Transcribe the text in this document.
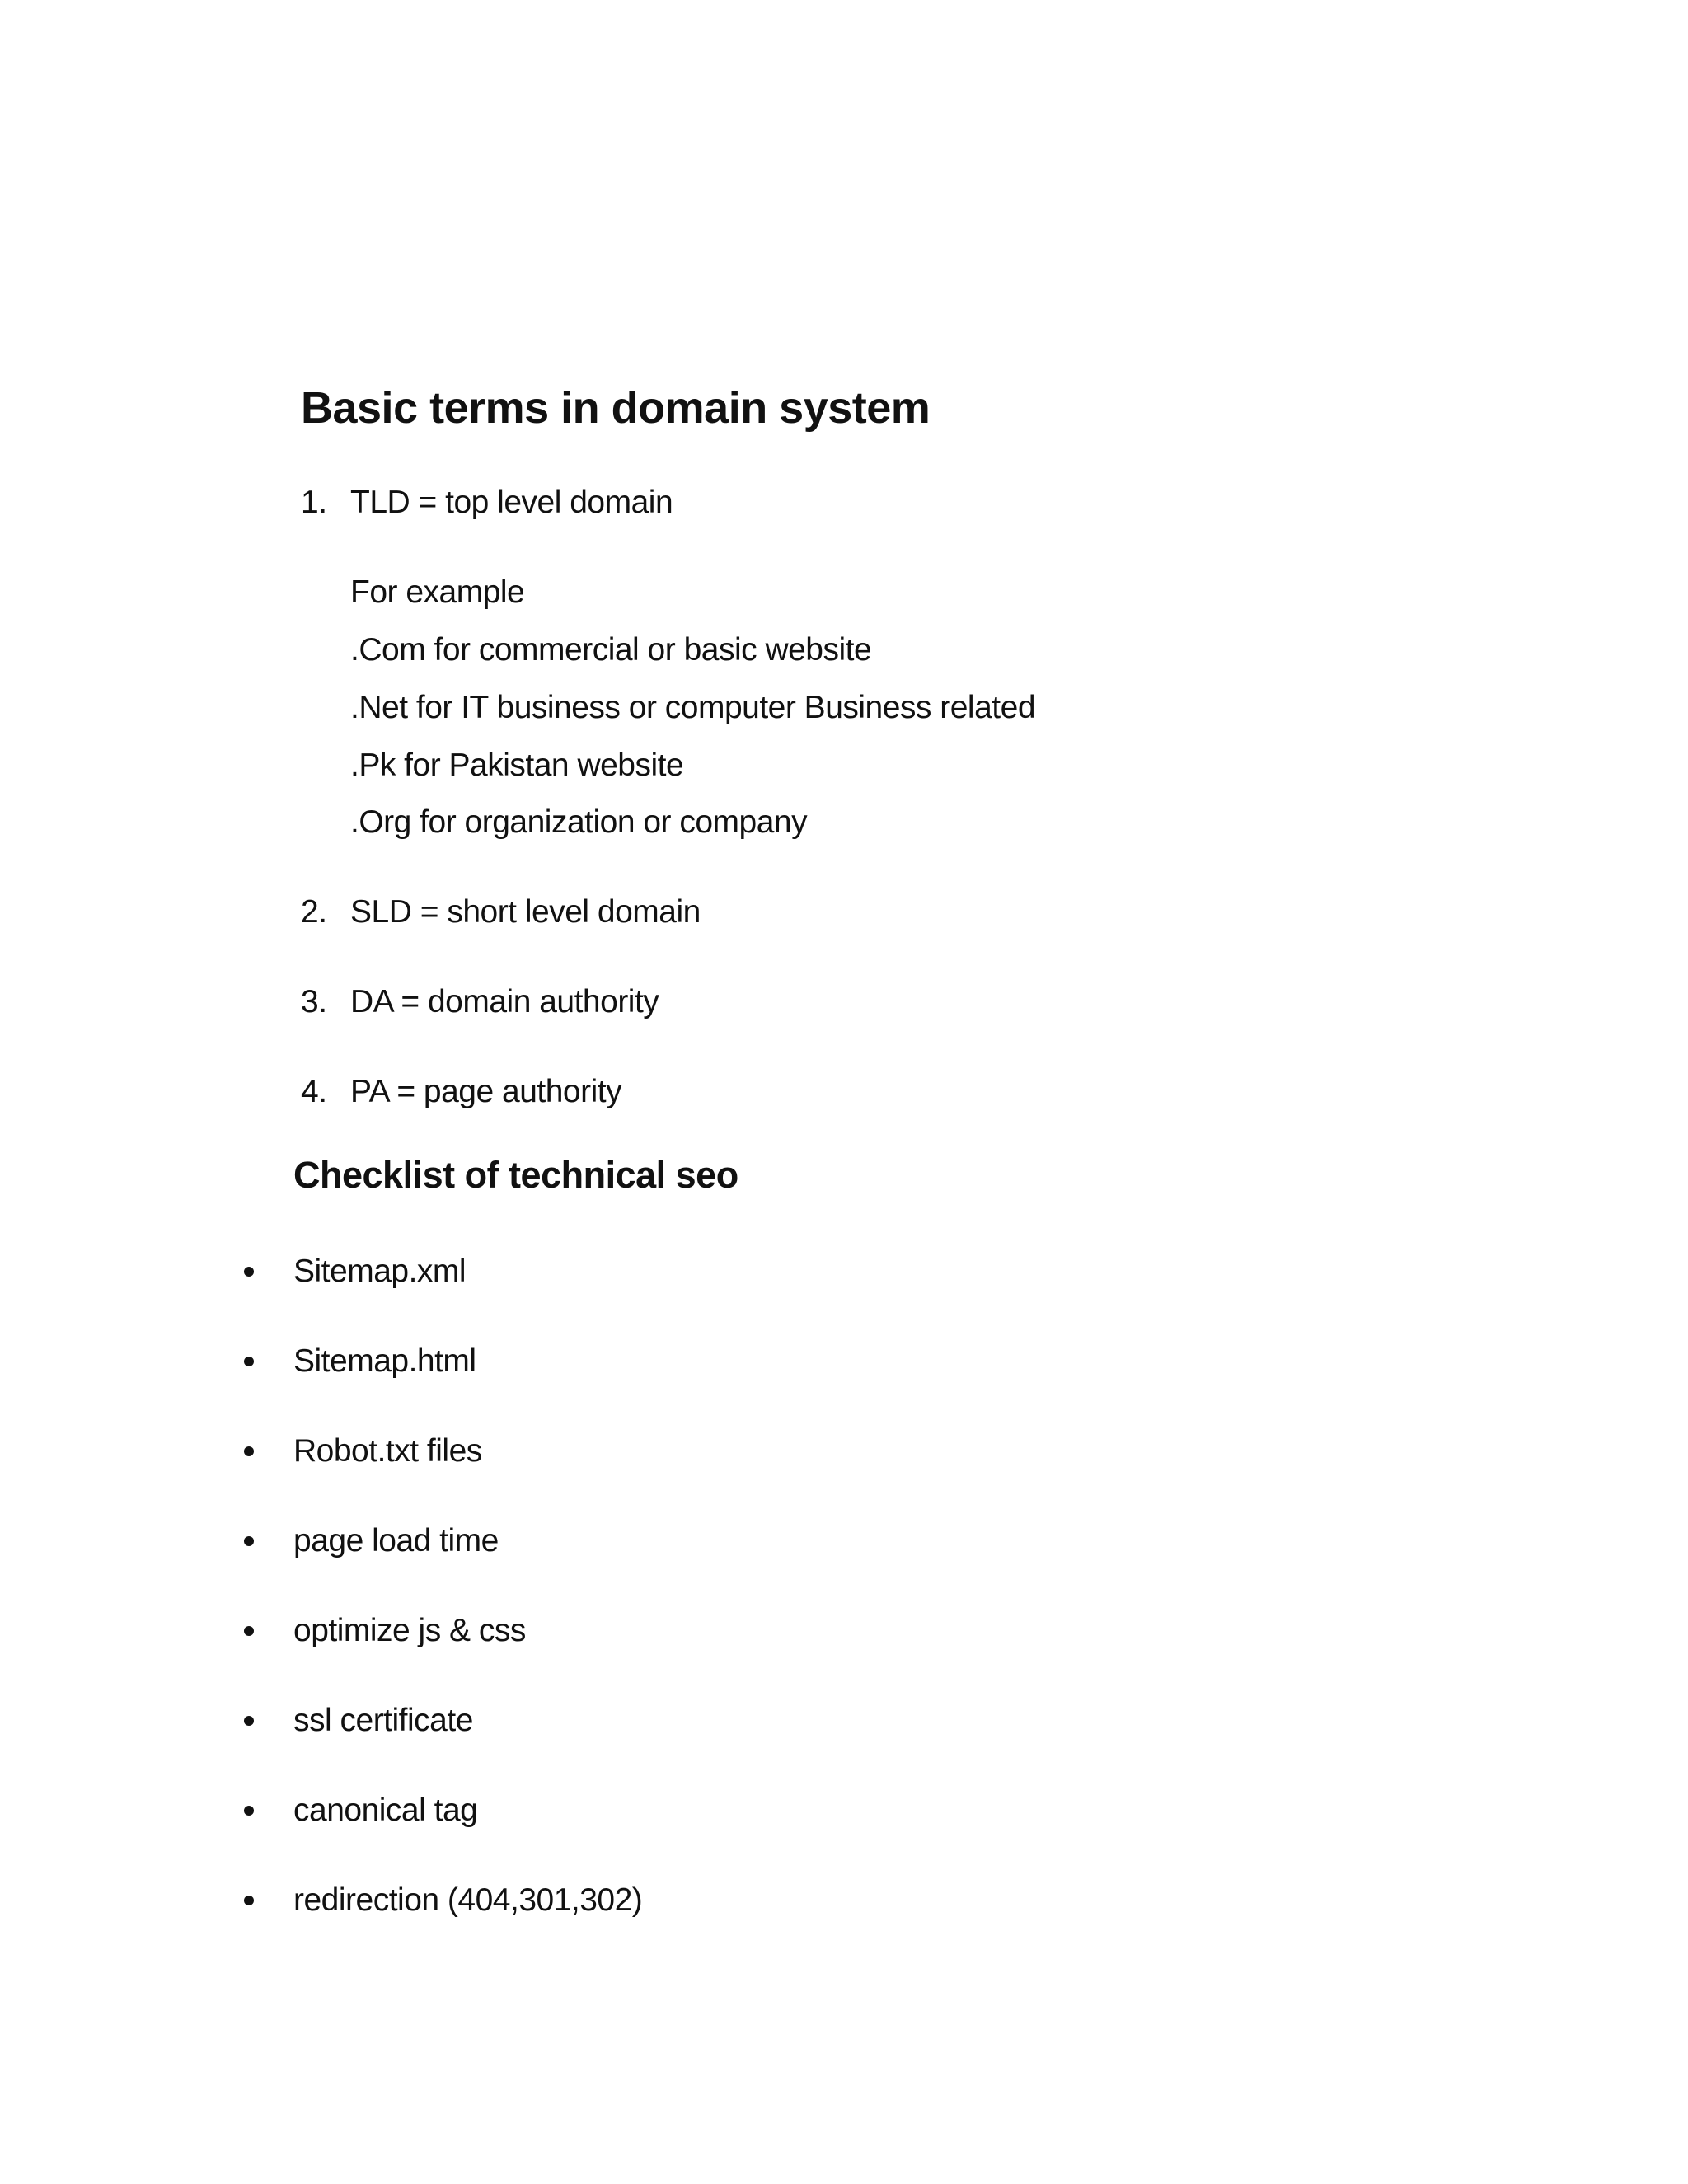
Basic terms in domain system
1. TLD = top level domain
For example
.Com for commercial or basic website
.Net for IT business or computer Business related
.Pk for Pakistan website
.Org for organization or company
2. SLD = short level domain
3. DA = domain authority
4. PA = page authority
Checklist of technical seo
Sitemap.xml
Sitemap.html
Robot.txt files
page load time
optimize js & css
ssl certificate
canonical tag
redirection (404,301,302)
